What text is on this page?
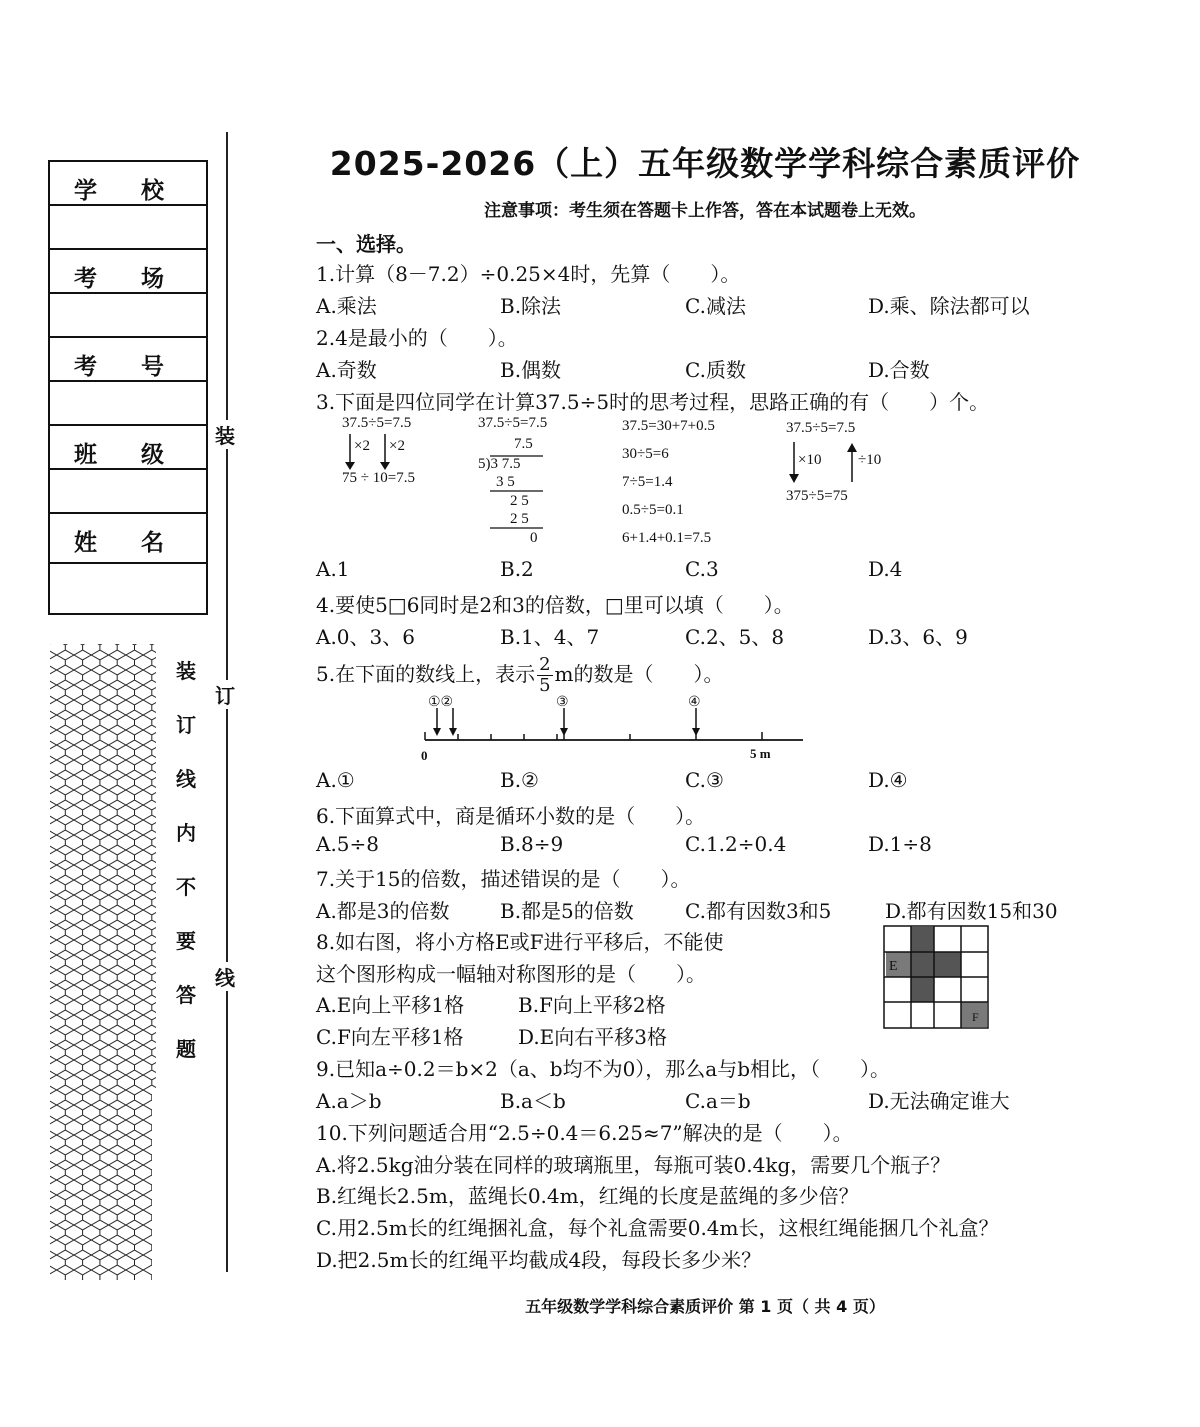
学 校
考 场
考 号
班 级
姓 名
装
订
线
内
不
要
答
题
装
订
线
2025-2026（上）五年级数学学科综合素质评价
注意事项：考生须在答题卡上作答，答在本试题卷上无效。
一、选择。
1.计算（8－7.2）÷0.25×4时，先算（　　）。
A.乘法	B.除法	C.减法	D.乘、除法都可以
2.4是最小的（　　）。
A.奇数	B.偶数	C.质数	D.合数
3.下面是四位同学在计算37.5÷5时的思考过程，思路正确的有（　　）个。
37.5÷5=7.5
×2 ×2
75 ÷ 10=7.5
37.5÷5=7.5
7.5
5)3 7.5
3 5
2 5
2 5
0
37.5=30+7+0.5
30÷5=6
7÷5=1.4
0.5÷5=0.1
6+1.4+0.1=7.5
37.5÷5=7.5
×10 ÷10
375÷5=75
A.1	B.2	C.3	D.4
4.要使5□6同时是2和3的倍数，□里可以填（　　）。
A.0、3、6	B.1、4、7	C.2、5、8	D.3、6、9
5.在下面的数线上，表示 $\frac{2}{5}$ m的数是（　　）。
①②	③	④
0	5 m
A.①	B.②	C.③	D.④
6.下面算式中，商是循环小数的是（　　）。
A.5÷8	B.8÷9	C.1.2÷0.4	D.1÷8
7.关于15的倍数，描述错误的是（　　）。
A.都是3的倍数	B.都是5的倍数	C.都有因数3和5	D.都有因数15和30
8.如右图，将小方格E或F进行平移后，不能使
这个图形构成一幅轴对称图形的是（　　）。
A.E向上平移1格	B.F向上平移2格
C.F向左平移1格	D.E向右平移3格
E
F
9.已知a÷0.2＝b×2（a、b均不为0），那么a与b相比，（　　）。
A.a＞b	B.a＜b	C.a＝b	D.无法确定谁大
10.下列问题适合用“2.5÷0.4＝6.25≈7”解决的是（　　）。
A.将2.5kg油分装在同样的玻璃瓶里，每瓶可装0.4kg，需要几个瓶子？
B.红绳长2.5m，蓝绳长0.4m，红绳的长度是蓝绳的多少倍？
C.用2.5m长的红绳捆礼盒，每个礼盒需要0.4m长，这根红绳能捆几个礼盒？
D.把2.5m长的红绳平均截成4段，每段长多少米？
五年级数学学科综合素质评价 第 1 页（ 共 4 页）
